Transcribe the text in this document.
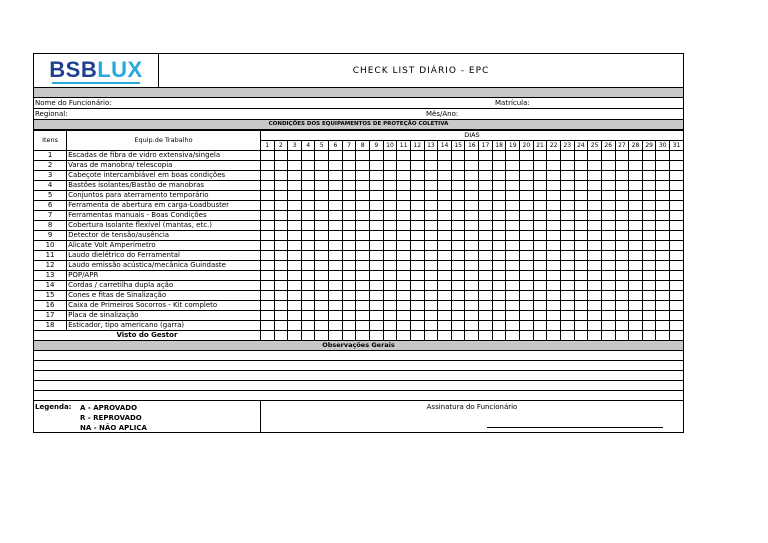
BSBLUX	CHECK LIST DIÁRIO - EPC
Nome do Funcionário:	Matrícula:
Regional:	Mês/Ano:
CONDIÇÕES DOS EQUIPAMENTOS DE PROTEÇÃO COLETIVA
Itens	Equip.de Trabalho	DIAS																														
		1	2	3	4	5	6	7	8	9	10	11	12	13	14	15	16	17	18	19	20	21	22	23	24	25	26	27	28	29	30	31
1	Escadas de fibra de vidro extensiva/singela																															
2	Varas de manobra/ telescopia																															
3	Cabeçote intercambiável em boas condições																															
4	Bastões isolantes/Bastão de manobras																															
5	Conjuntos para aterramento temporário																															
6	Ferramenta de abertura em carga-Loadbuster																															
7	Ferramentas manuais - Boas Condições																															
8	Cobertura Isolante flexível (mantas, etc.)																															
9	Detector de tensão/ausência																															
10	Alicate Volt Amperímetro																															
11	Laudo dielétrico do Ferramental																															
12	Laudo emissão acústica/mecânica Guindaste																															
13	POP/APR																															
14	Cordas / carretilha dupla ação																															
15	Cones e fitas de Sinalização																															
16	Caixa de Primeiros Socorros - Kit completo																															
17	Placa de sinalização																															
18	Esticador, tipo americano (garra)																															
Visto do Gestor																																
Observações Gerais
Legenda: A - APROVADO
R - REPROVADO
NA - NÃO APLICA
Assinatura do Funcionário
